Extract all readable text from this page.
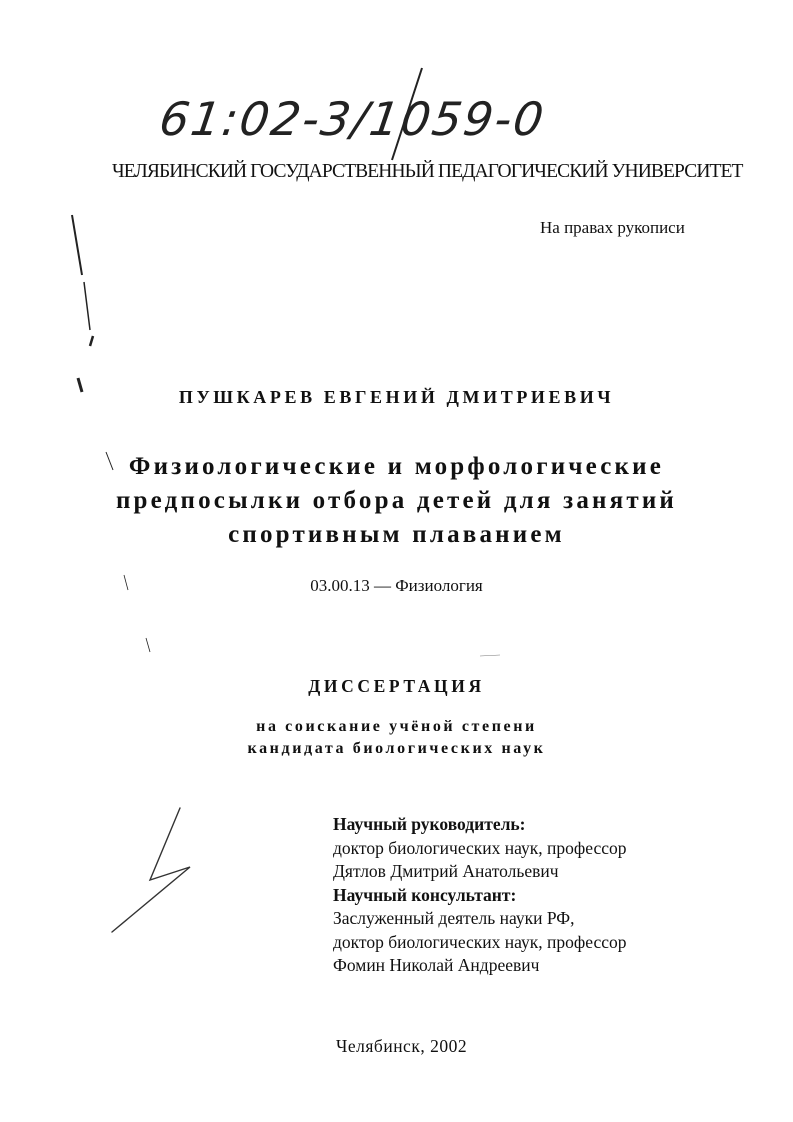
61:02-3/1059-0
ЧЕЛЯБИНСКИЙ ГОСУДАРСТВЕННЫЙ ПЕДАГОГИЧЕСКИЙ УНИВЕРСИТЕТ
На правах рукописи
ПУШКАРЕВ ЕВГЕНИЙ ДМИТРИЕВИЧ
Физиологические и морфологические
предпосылки отбора детей для занятий
спортивным плаванием
03.00.13 — Физиология
ДИССЕРТАЦИЯ
на соискание учёной степени
кандидата биологических наук
Научный руководитель:
доктор биологических наук, профессор
Дятлов Дмитрий Анатольевич
Научный консультант:
Заслуженный деятель науки РФ,
доктор биологических наук, профессор
Фомин Николай Андреевич
Челябинск, 2002
